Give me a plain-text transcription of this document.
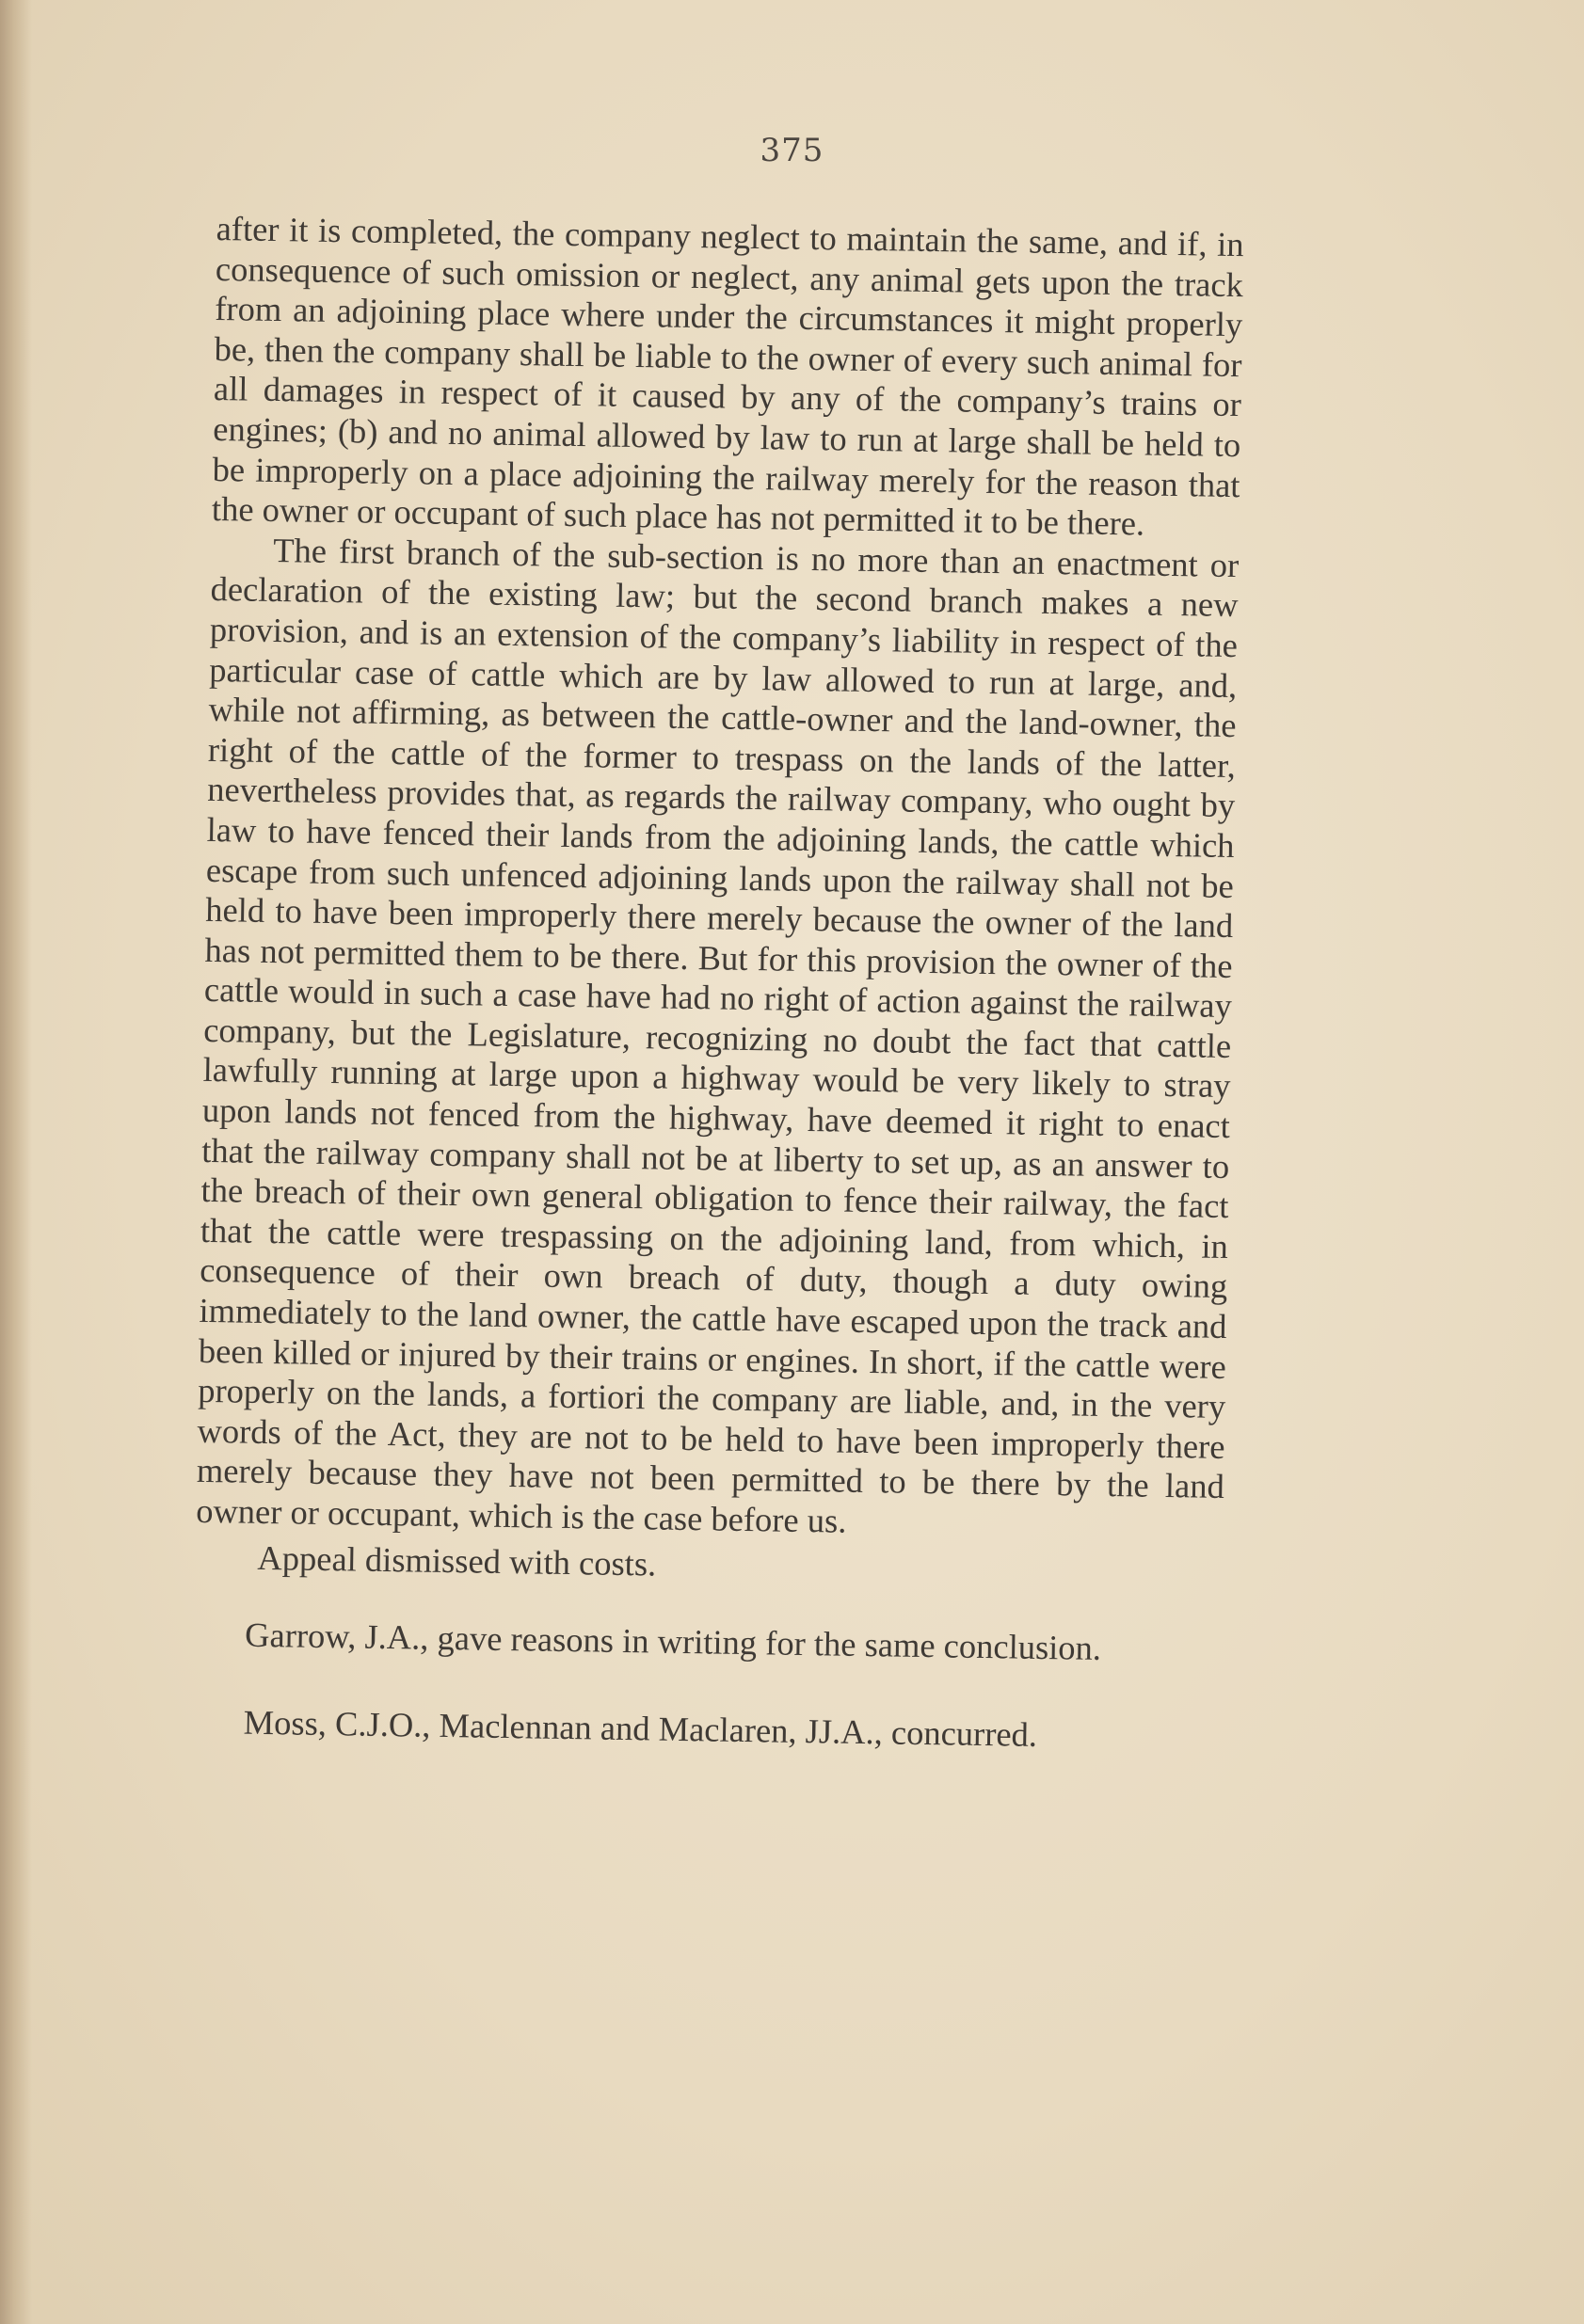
375

after it is completed, the company neglect to maintain the same, and if, in consequence of such omission or neglect, any animal gets upon the track from an adjoining place where under the circumstances it might properly be, then the company shall be liable to the owner of every such animal for all damages in respect of it caused by any of the company’s trains or engines; (b) and no animal allowed by law to run at large shall be held to be improperly on a place adjoining the railway merely for the reason that the owner or occupant of such place has not permitted it to be there.

The first branch of the sub-section is no more than an enactment or declaration of the existing law; but the second branch makes a new provision, and is an extension of the company’s liability in respect of the particular case of cattle which are by law allowed to run at large, and, while not affirming, as between the cattle-owner and the land-owner, the right of the cattle of the former to trespass on the lands of the latter, nevertheless provides that, as regards the railway company, who ought by law to have fenced their lands from the adjoining lands, the cattle which escape from such unfenced adjoining lands upon the railway shall not be held to have been improperly there merely because the owner of the land has not permitted them to be there. But for this provision the owner of the cattle would in such a case have had no right of action against the railway company, but the Legislature, recognizing no doubt the fact that cattle lawfully running at large upon a highway would be very likely to stray upon lands not fenced from the highway, have deemed it right to enact that the railway company shall not be at liberty to set up, as an answer to the breach of their own general obligation to fence their railway, the fact that the cattle were trespassing on the adjoining land, from which, in consequence of their own breach of duty, though a duty owing immediately to the land owner, the cattle have escaped upon the track and been killed or injured by their trains or engines. In short, if the cattle were properly on the lands, a fortiori the company are liable, and, in the very words of the Act, they are not to be held to have been improperly there merely because they have not been permitted to be there by the land owner or occupant, which is the case before us.

Appeal dismissed with costs.

Garrow, J.A., gave reasons in writing for the same conclusion.

Moss, C.J.O., Maclennan and Maclaren, JJ.A., concurred.
